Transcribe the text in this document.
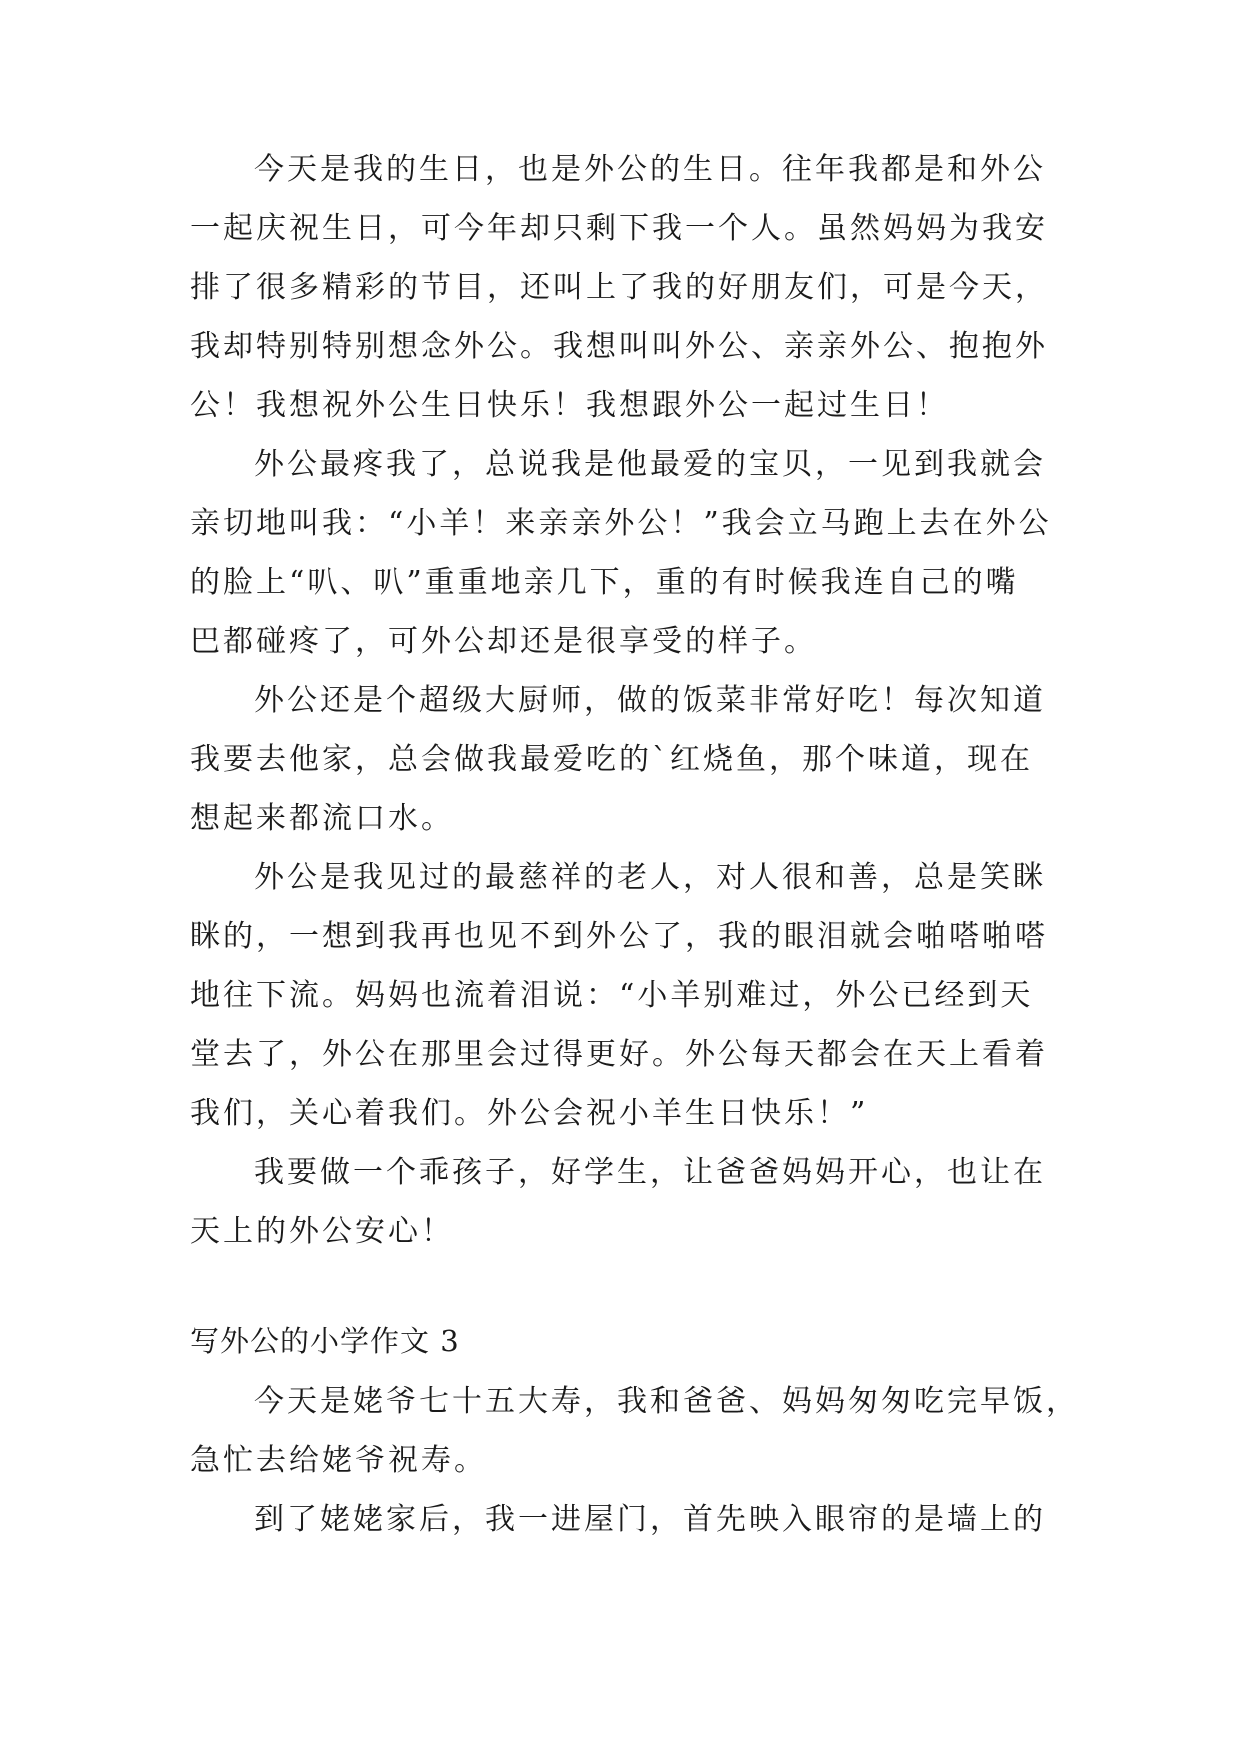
今天是我的生日，也是外公的生日。往年我都是和外公
一起庆祝生日，可今年却只剩下我一个人。虽然妈妈为我安
排了很多精彩的节目，还叫上了我的好朋友们，可是今天，
我却特别特别想念外公。我想叫叫外公、亲亲外公、抱抱外
公！我想祝外公生日快乐！我想跟外公一起过生日！
外公最疼我了，总说我是他最爱的宝贝，一见到我就会
亲切地叫我：“小羊！来亲亲外公！”我会立马跑上去在外公
的脸上“叭、叭”重重地亲几下，重的有时候我连自己的嘴
巴都碰疼了，可外公却还是很享受的样子。
外公还是个超级大厨师，做的饭菜非常好吃！每次知道
我要去他家，总会做我最爱吃的`红烧鱼，那个味道，现在
想起来都流口水。
外公是我见过的最慈祥的老人，对人很和善，总是笑眯
眯的，一想到我再也见不到外公了，我的眼泪就会啪嗒啪嗒
地往下流。妈妈也流着泪说：“小羊别难过，外公已经到天
堂去了，外公在那里会过得更好。外公每天都会在天上看着
我们，关心着我们。外公会祝小羊生日快乐！”
我要做一个乖孩子，好学生，让爸爸妈妈开心，也让在
天上的外公安心！
写外公的小学作文 3
今天是姥爷七十五大寿，我和爸爸、妈妈匆匆吃完早饭，
急忙去给姥爷祝寿。
到了姥姥家后，我一进屋门，首先映入眼帘的是墙上的
